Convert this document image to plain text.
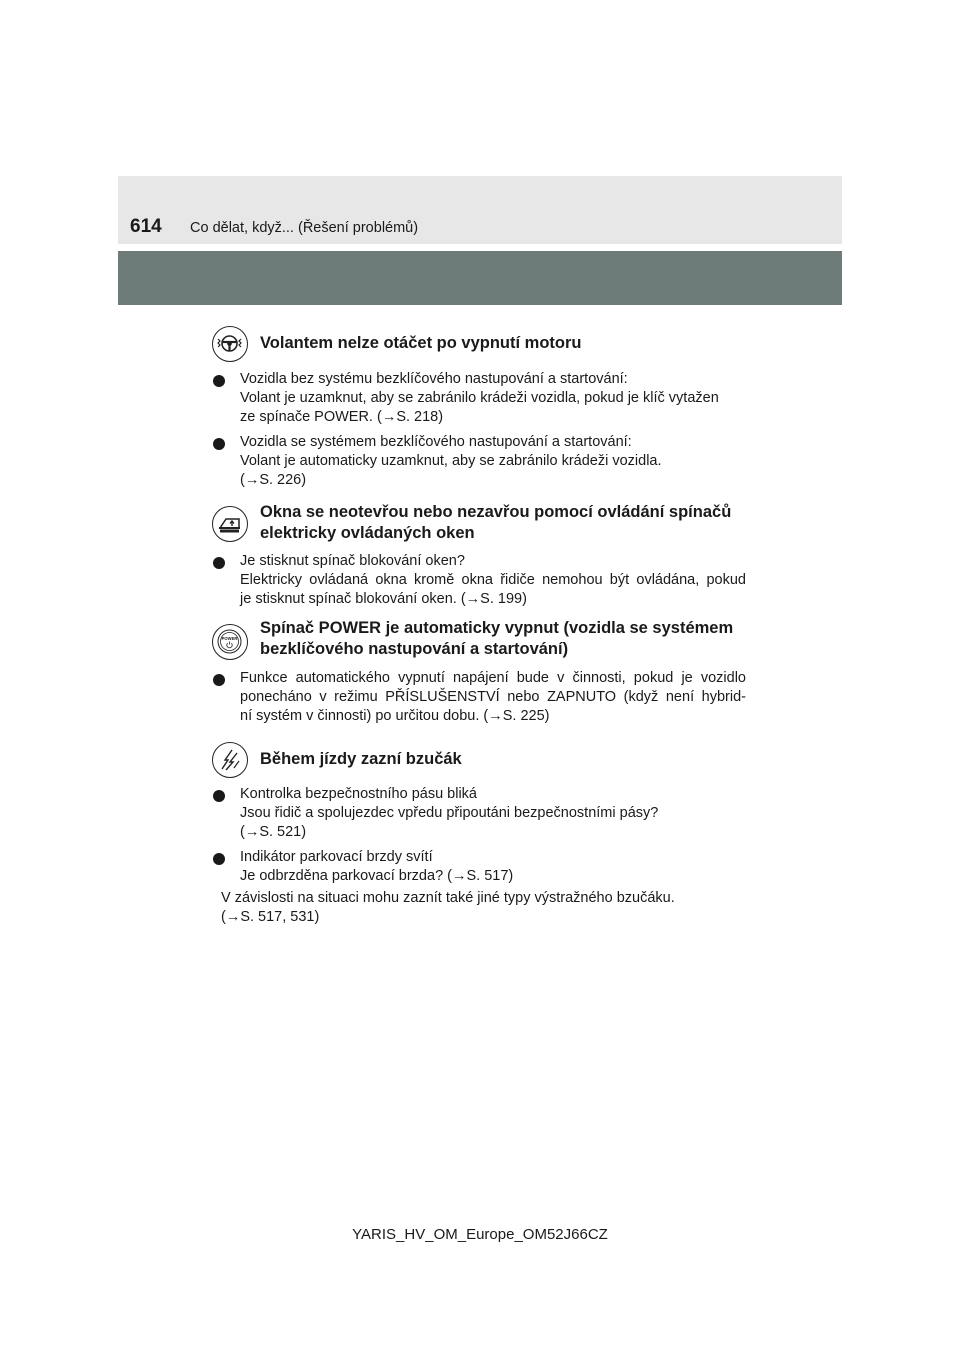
614 Co dělat, když... (Řešení problémů)
Volantem nelze otáčet po vypnutí motoru
Vozidla bez systému bezklíčového nastupování a startování:
Volant je uzamknut, aby se zabránilo krádeži vozidla, pokud je klíč vytažen
ze spínače POWER. (→S. 218)
Vozidla se systémem bezklíčového nastupování a startování:
Volant je automaticky uzamknut, aby se zabránilo krádeži vozidla.
(→S. 226)
Okna se neotevřou nebo nezavřou pomocí ovládání spínačů
elektricky ovládaných oken
Je stisknut spínač blokování oken?
Elektricky ovládaná okna kromě okna řidiče nemohou být ovládána, pokud
je stisknut spínač blokování oken. (→S. 199)
POWER
Spínač POWER je automaticky vypnut (vozidla se systémem
bezklíčového nastupování a startování)
Funkce automatického vypnutí napájení bude v činnosti, pokud je vozidlo
ponecháno v režimu PŘÍSLUŠENSTVÍ nebo ZAPNUTO (když není hybrid-
ní systém v činnosti) po určitou dobu. (→S. 225)
Během jízdy zazní bzučák
Kontrolka bezpečnostního pásu bliká
Jsou řidič a spolujezdec vpředu připoutáni bezpečnostními pásy?
(→S. 521)
Indikátor parkovací brzdy svítí
Je odbrzděna parkovací brzda? (→S. 517)
V závislosti na situaci mohu zaznít také jiné typy výstražného bzučáku.
(→S. 517, 531)
YARIS_HV_OM_Europe_OM52J66CZ
